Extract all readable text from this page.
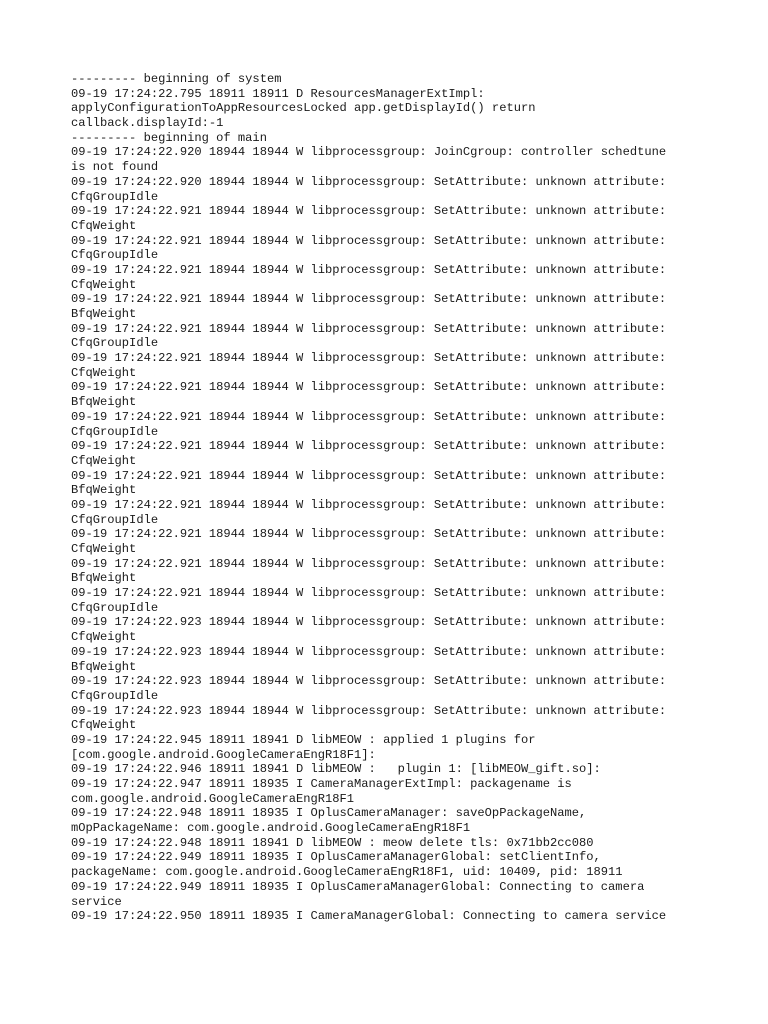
--------- beginning of system
09-19 17:24:22.795 18911 18911 D ResourcesManagerExtImpl:
applyConfigurationToAppResourcesLocked app.getDisplayId() return
callback.displayId:-1
--------- beginning of main
09-19 17:24:22.920 18944 18944 W libprocessgroup: JoinCgroup: controller schedtune
is not found
09-19 17:24:22.920 18944 18944 W libprocessgroup: SetAttribute: unknown attribute:
CfqGroupIdle
09-19 17:24:22.921 18944 18944 W libprocessgroup: SetAttribute: unknown attribute:
CfqWeight
09-19 17:24:22.921 18944 18944 W libprocessgroup: SetAttribute: unknown attribute:
CfqGroupIdle
09-19 17:24:22.921 18944 18944 W libprocessgroup: SetAttribute: unknown attribute:
CfqWeight
09-19 17:24:22.921 18944 18944 W libprocessgroup: SetAttribute: unknown attribute:
BfqWeight
09-19 17:24:22.921 18944 18944 W libprocessgroup: SetAttribute: unknown attribute:
CfqGroupIdle
09-19 17:24:22.921 18944 18944 W libprocessgroup: SetAttribute: unknown attribute:
CfqWeight
09-19 17:24:22.921 18944 18944 W libprocessgroup: SetAttribute: unknown attribute:
BfqWeight
09-19 17:24:22.921 18944 18944 W libprocessgroup: SetAttribute: unknown attribute:
CfqGroupIdle
09-19 17:24:22.921 18944 18944 W libprocessgroup: SetAttribute: unknown attribute:
CfqWeight
09-19 17:24:22.921 18944 18944 W libprocessgroup: SetAttribute: unknown attribute:
BfqWeight
09-19 17:24:22.921 18944 18944 W libprocessgroup: SetAttribute: unknown attribute:
CfqGroupIdle
09-19 17:24:22.921 18944 18944 W libprocessgroup: SetAttribute: unknown attribute:
CfqWeight
09-19 17:24:22.921 18944 18944 W libprocessgroup: SetAttribute: unknown attribute:
BfqWeight
09-19 17:24:22.921 18944 18944 W libprocessgroup: SetAttribute: unknown attribute:
CfqGroupIdle
09-19 17:24:22.923 18944 18944 W libprocessgroup: SetAttribute: unknown attribute:
CfqWeight
09-19 17:24:22.923 18944 18944 W libprocessgroup: SetAttribute: unknown attribute:
BfqWeight
09-19 17:24:22.923 18944 18944 W libprocessgroup: SetAttribute: unknown attribute:
CfqGroupIdle
09-19 17:24:22.923 18944 18944 W libprocessgroup: SetAttribute: unknown attribute:
CfqWeight
09-19 17:24:22.945 18911 18941 D libMEOW : applied 1 plugins for
[com.google.android.GoogleCameraEngR18F1]:
09-19 17:24:22.946 18911 18941 D libMEOW :   plugin 1: [libMEOW_gift.so]:
09-19 17:24:22.947 18911 18935 I CameraManagerExtImpl: packagename is
com.google.android.GoogleCameraEngR18F1
09-19 17:24:22.948 18911 18935 I OplusCameraManager: saveOpPackageName,
mOpPackageName: com.google.android.GoogleCameraEngR18F1
09-19 17:24:22.948 18911 18941 D libMEOW : meow delete tls: 0x71bb2cc080
09-19 17:24:22.949 18911 18935 I OplusCameraManagerGlobal: setClientInfo,
packageName: com.google.android.GoogleCameraEngR18F1, uid: 10409, pid: 18911
09-19 17:24:22.949 18911 18935 I OplusCameraManagerGlobal: Connecting to camera
service
09-19 17:24:22.950 18911 18935 I CameraManagerGlobal: Connecting to camera service
